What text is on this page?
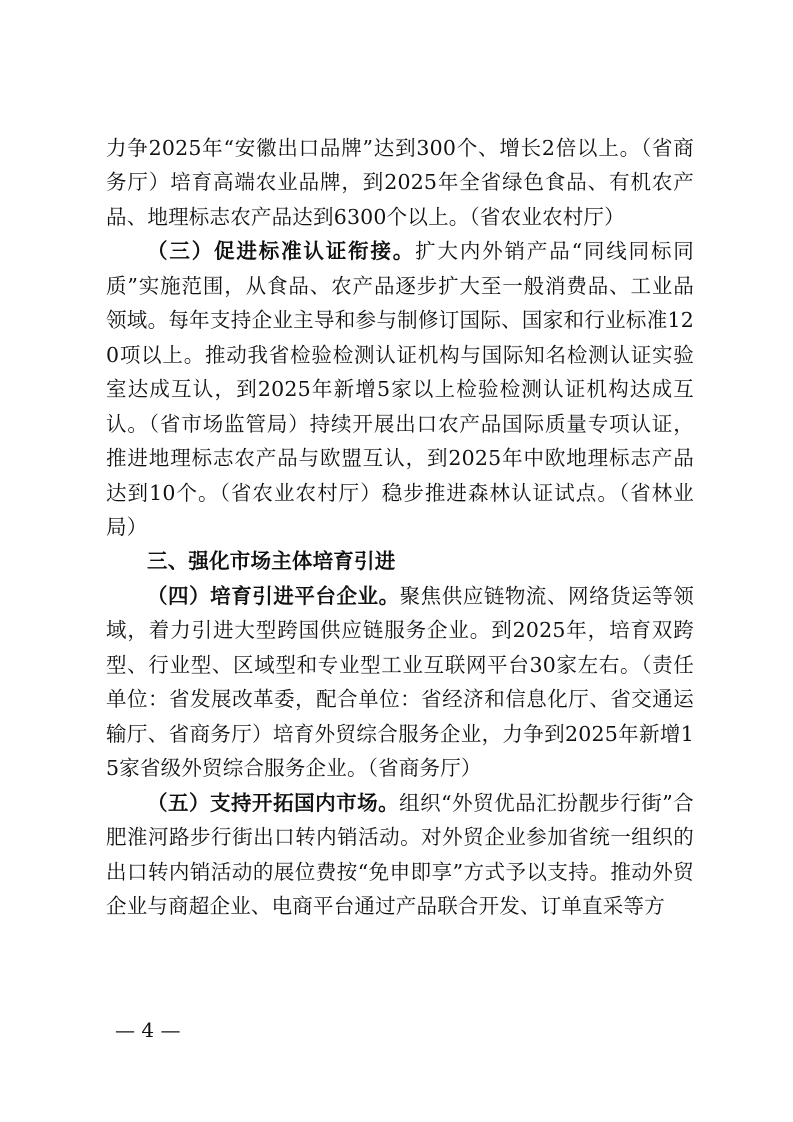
力争2025年“安徽出口品牌”达到300个、增长2倍以上。（省商务厅）培育高端农业品牌，到2025年全省绿色食品、有机农产品、地理标志农产品达到6300个以上。（省农业农村厅）

（三）促进标准认证衔接。扩大内外销产品“同线同标同质”实施范围，从食品、农产品逐步扩大至一般消费品、工业品领域。每年支持企业主导和参与制修订国际、国家和行业标准120项以上。推动我省检验检测认证机构与国际知名检测认证实验室达成互认，到2025年新增5家以上检验检测认证机构达成互认。（省市场监管局）持续开展出口农产品国际质量专项认证，推进地理标志农产品与欧盟互认，到2025年中欧地理标志产品达到10个。（省农业农村厅）稳步推进森林认证试点。（省林业局）

三、强化市场主体培育引进

（四）培育引进平台企业。聚焦供应链物流、网络货运等领域，着力引进大型跨国供应链服务企业。到2025年，培育双跨型、行业型、区域型和专业型工业互联网平台30家左右。（责任单位：省发展改革委，配合单位：省经济和信息化厅、省交通运输厅、省商务厅）培育外贸综合服务企业，力争到2025年新增15家省级外贸综合服务企业。（省商务厅）

（五）支持开拓国内市场。组织“外贸优品汇扮靓步行街”合肥淮河路步行街出口转内销活动。对外贸企业参加省统一组织的出口转内销活动的展位费按“免申即享”方式予以支持。推动外贸企业与商超企业、电商平台通过产品联合开发、订单直采等方

— 4 —
